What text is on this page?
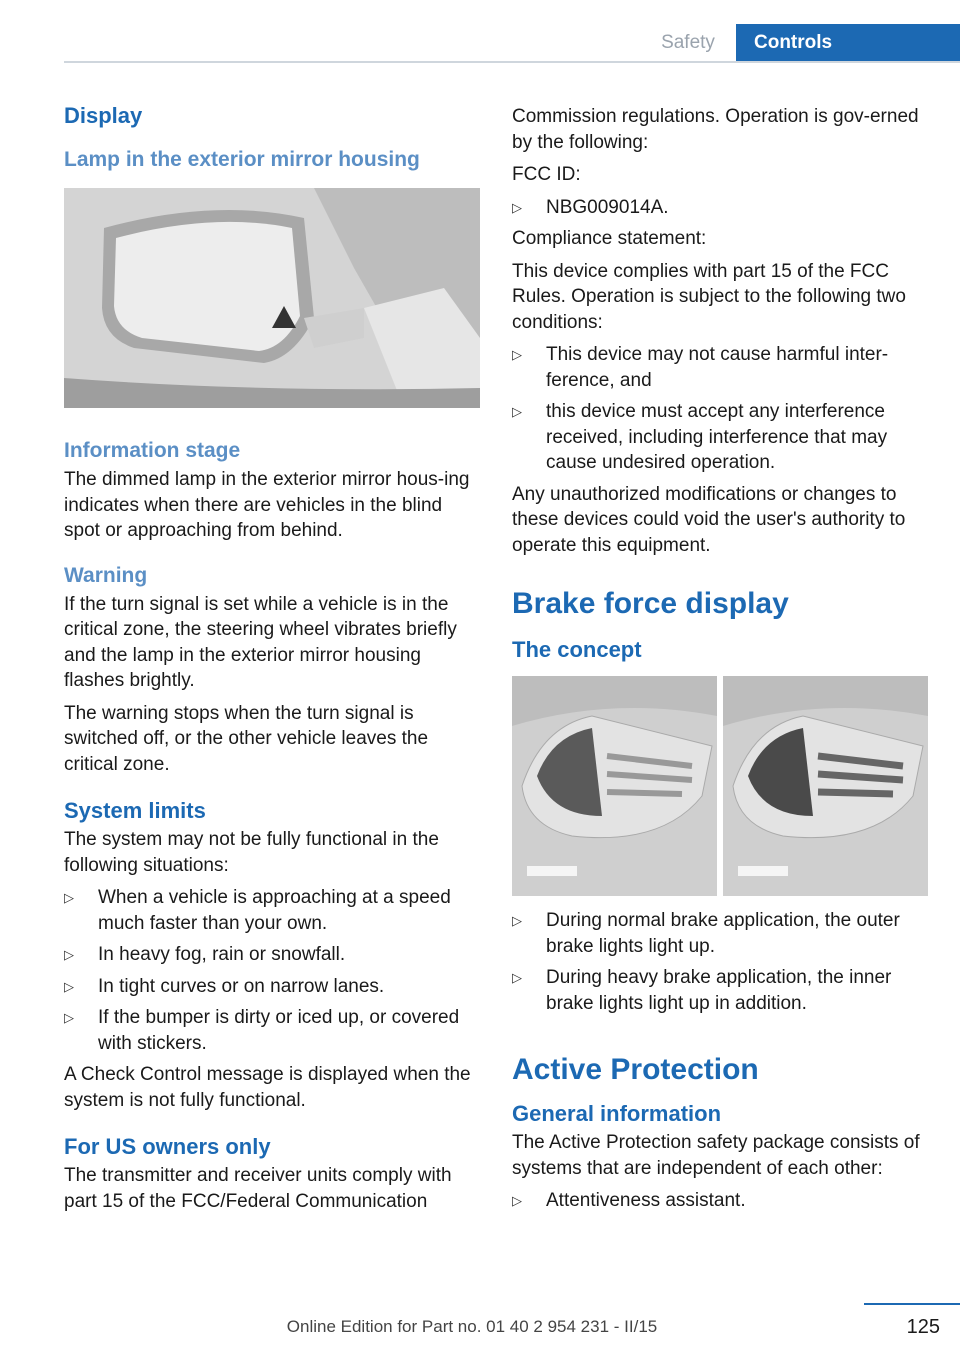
Safety	Controls
Display
Lamp in the exterior mirror housing
Information stage

The dimmed lamp in the exterior mirror hous-ing indicates when there are vehicles in the blind spot or approaching from behind.

Warning

If the turn signal is set while a vehicle is in the critical zone, the steering wheel vibrates briefly and the lamp in the exterior mirror housing flashes brightly.

The warning stops when the turn signal is switched off, or the other vehicle leaves the critical zone.

System limits

The system may not be fully functional in the following situations:

▷ When a vehicle is approaching at a speed much faster than your own.
▷ In heavy fog, rain or snowfall.
▷ In tight curves or on narrow lanes.
▷ If the bumper is dirty or iced up, or covered with stickers.

A Check Control message is displayed when the system is not fully functional.

For US owners only

The transmitter and receiver units comply with part 15 of the FCC/Federal Communication

Commission regulations. Operation is gov-erned by the following:

FCC ID:

▷ NBG009014A.

Compliance statement:

This device complies with part 15 of the FCC Rules. Operation is subject to the following two conditions:

▷ This device may not cause harmful inter-ference, and
▷ this device must accept any interference received, including interference that may cause undesired operation.

Any unauthorized modifications or changes to these devices could void the user's authority to operate this equipment.

Brake force display
The concept
▷ During normal brake application, the outer brake lights light up.
▷ During heavy brake application, the inner brake lights light up in addition.
Active Protection
General information

The Active Protection safety package consists of systems that are independent of each other:

▷ Attentiveness assistant.
125
Online Edition for Part no. 01 40 2 954 231 - II/15
